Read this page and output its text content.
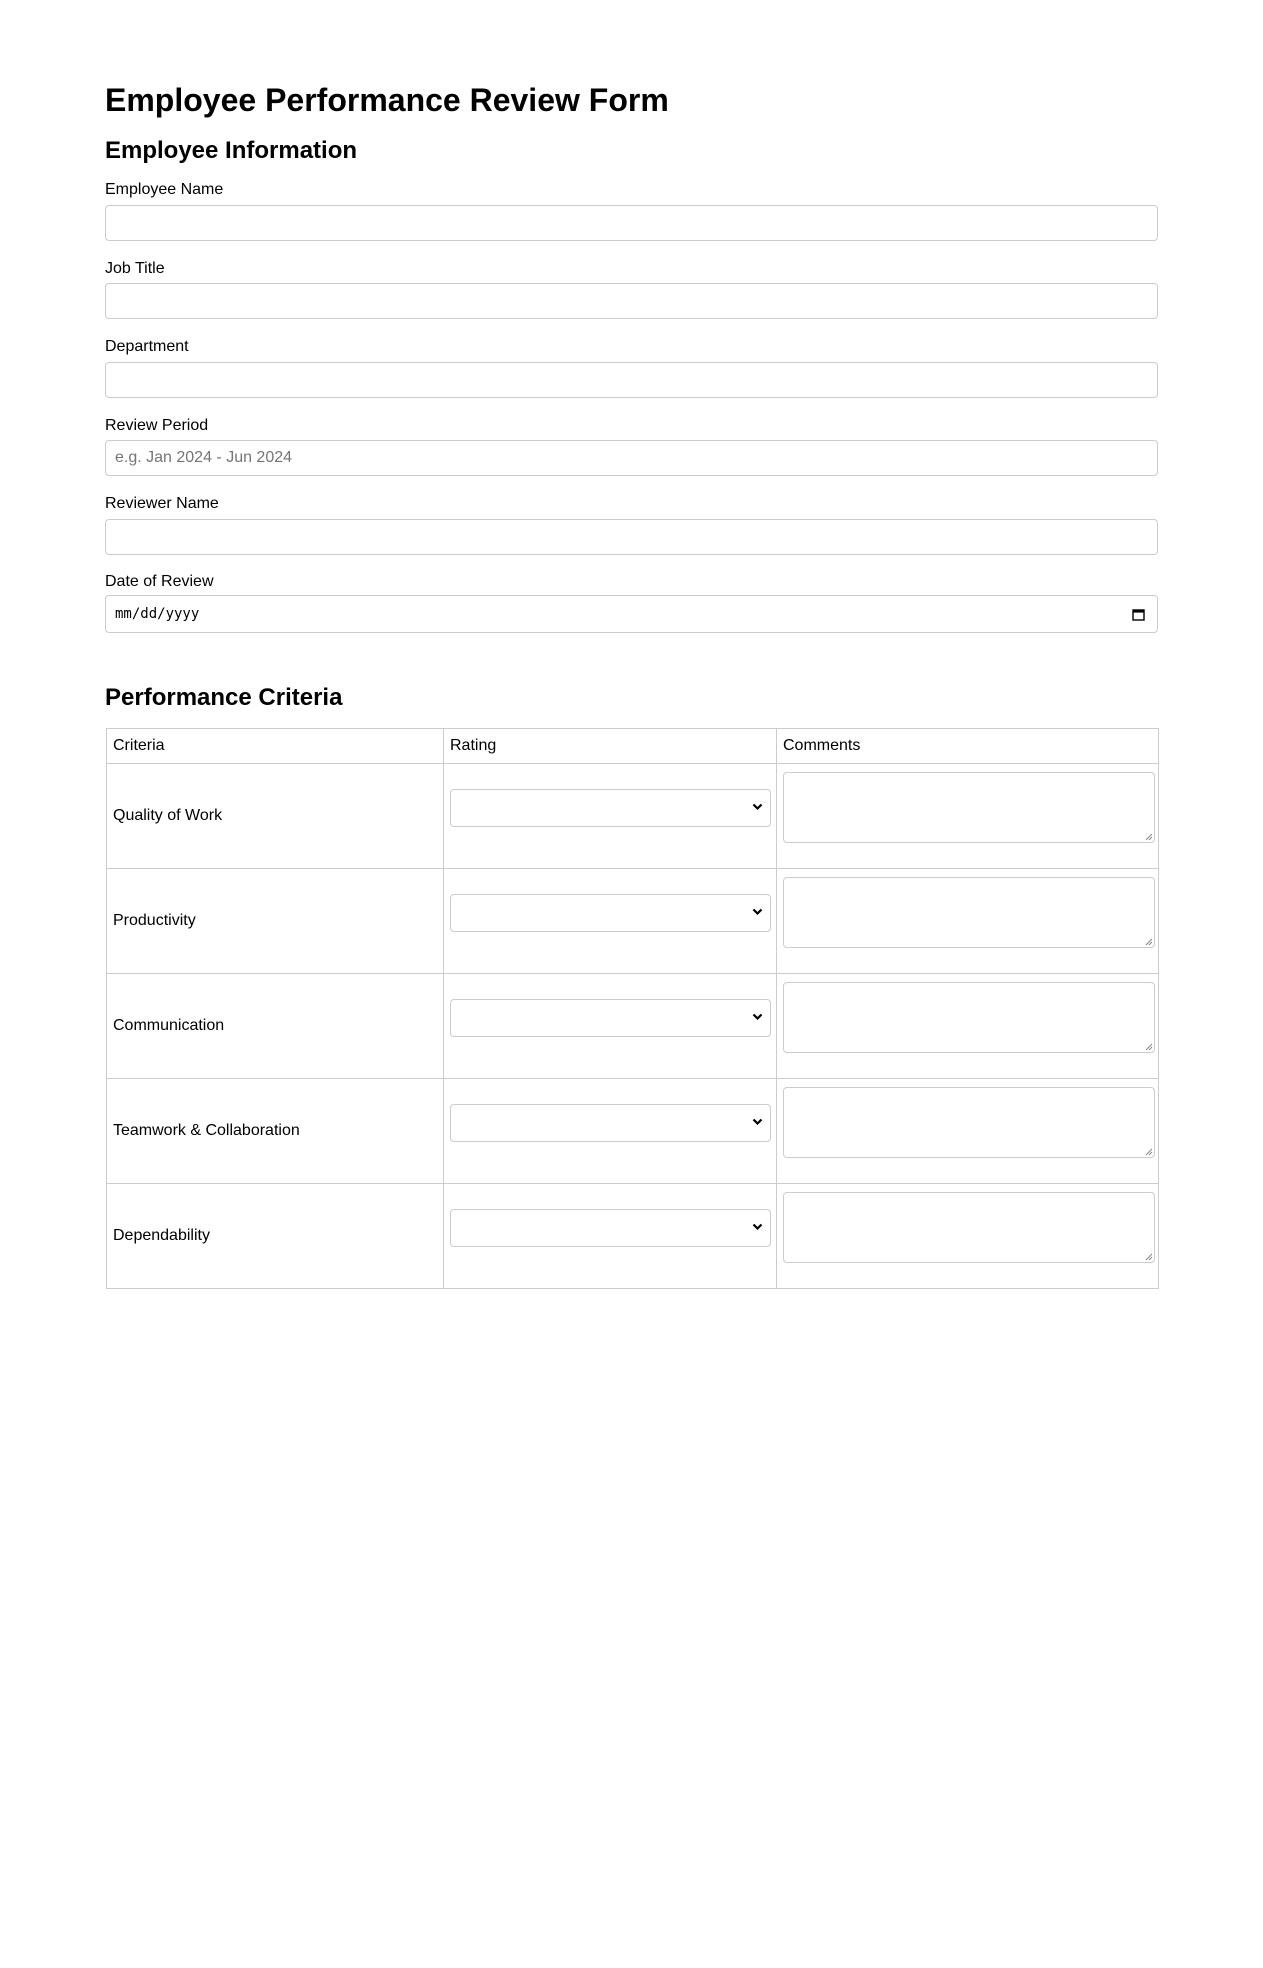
Employee Performance Review Form
Employee Information
Employee Name
Job Title
Department
Review Period
e.g. Jan 2024 - Jun 2024
Reviewer Name
Date of Review
mm/dd/yyyy
Performance Criteria
Criteria	Rating	Comments
Quality of Work	

Productivity	

Communication	

Teamwork & Collaboration	

Dependability	
